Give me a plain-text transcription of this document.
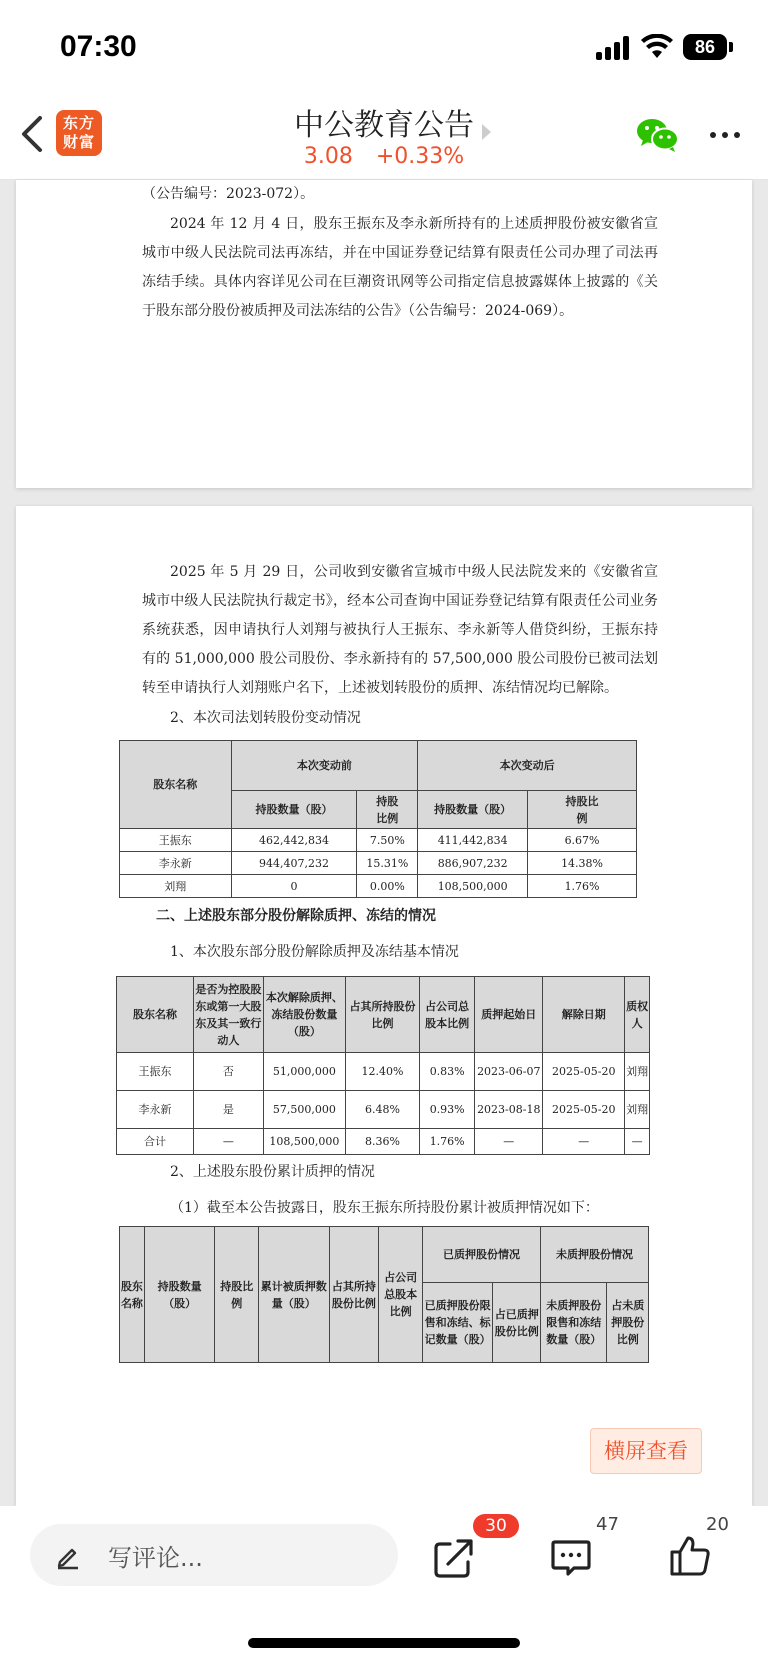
07:30	86
东方
财富	中公教育公告
3.08 +0.33%
（公告编号：2023-072）。
2024 年 12 月 4 日，股东王振东及李永新所持有的上述质押股份被安徽省宣城市中级人民法院司法再冻结，并在中国证券登记结算有限责任公司办理了司法再冻结手续。具体内容详见公司在巨潮资讯网等公司指定信息披露媒体上披露的《关于股东部分股份被质押及司法冻结的公告》（公告编号：2024-069）。
2025 年 5 月 29 日，公司收到安徽省宣城市中级人民法院发来的《安徽省宣城市中级人民法院执行裁定书》，经本公司查询中国证券登记结算有限责任公司业务系统获悉，因申请执行人刘翔与被执行人王振东、李永新等人借贷纠纷，王振东持有的 51,000,000 股公司股份、李永新持有的 57,500,000 股公司股份已被司法划转至申请执行人刘翔账户名下，上述被划转股份的质押、冻结情况均已解除。
2、本次司法划转股份变动情况
股东名称	本次变动前		本次变动后	
	持股数量（股）	持股比例	持股数量（股）	持股比例
王振东	462,442,834	7.50%	411,442,834	6.67%
李永新	944,407,232	15.31%	886,907,232	14.38%
刘翔	0	0.00%	108,500,000	1.76%
二、上述股东部分股份解除质押、冻结的情况
1、本次股东部分股份解除质押及冻结基本情况
股东名称	是否为控股股东或第一大股东及其一致行动人	本次解除质押、冻结股份数量（股）	占其所持股份比例	占公司总股本比例	质押起始日	解除日期	质权人
王振东	否	51,000,000	12.40%	0.83%	2023-06-07	2025-05-20	刘翔
李永新	是	57,500,000	6.48%	0.93%	2023-08-18	2025-05-20	刘翔
合计	—	108,500,000	8.36%	1.76%	—	—	—
2、上述股东股份累计质押的情况
（1）截至本公告披露日，股东王振东所持股份累计被质押情况如下：
股东名称	持股数量（股）	持股比例	累计被质押数量（股）	占其所持股份比例	占公司总股本比例	已质押股份情况		未质押股份情况	
						已质押股份限售和冻结、标记数量（股）	占已质押股份比例	未质押股份限售和冻结数量（股）	占未质押股份比例
横屏查看
写评论...
30	47	20
